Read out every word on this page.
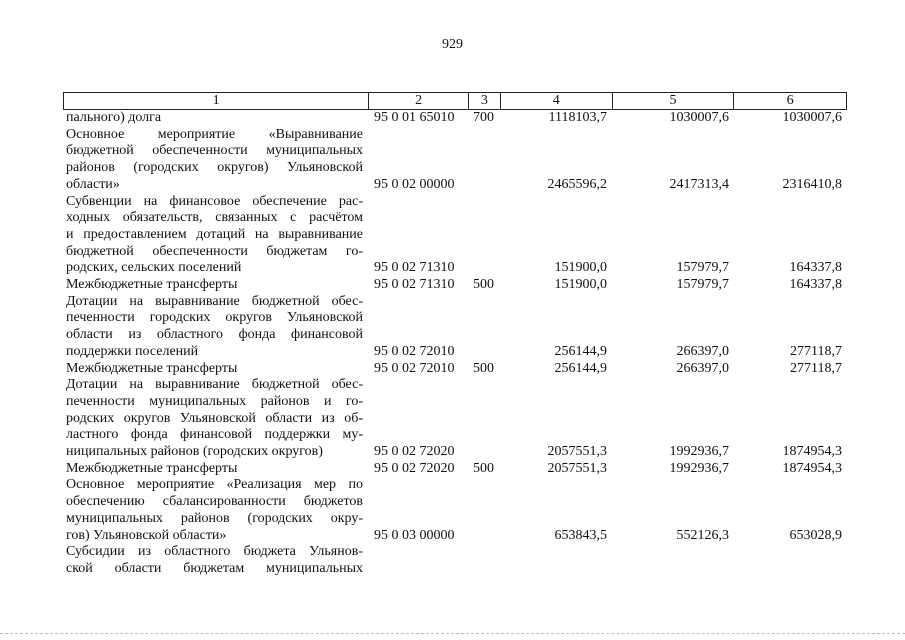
929
1	2	3	4	5	6
пального) долга	95 0 01 65010 700	1118103,7	1030007,6	1030007,6
Основное мероприятие «Выравнивание
бюджетной обеспеченности муниципальных
районов (городских округов) Ульяновской
области»	95 0 02 00000	2465596,2	2417313,4	2316410,8
Субвенции на финансовое обеспечение рас-
ходных обязательств, связанных с расчётом
и предоставлением дотаций на выравнивание
бюджетной обеспеченности бюджетам го-
родских, сельских поселений	95 0 02 71310	151900,0	157979,7	164337,8
Межбюджетные трансферты	95 0 02 71310 500	151900,0	157979,7	164337,8
Дотации на выравнивание бюджетной обес-
печенности городских округов Ульяновской
области из областного фонда финансовой
поддержки поселений	95 0 02 72010	256144,9	266397,0	277118,7
Межбюджетные трансферты	95 0 02 72010 500	256144,9	266397,0	277118,7
Дотации на выравнивание бюджетной обес-
печенности муниципальных районов и го-
родских округов Ульяновской области из об-
ластного фонда финансовой поддержки му-
ниципальных районов (городских округов)	95 0 02 72020	2057551,3	1992936,7	1874954,3
Межбюджетные трансферты	95 0 02 72020 500	2057551,3	1992936,7	1874954,3
Основное мероприятие «Реализация мер по
обеспечению сбалансированности бюджетов
муниципальных районов (городских окру-
гов) Ульяновской области»	95 0 03 00000	653843,5	552126,3	653028,9
Субсидии из областного бюджета Ульянов-
ской области бюджетам муниципальных
